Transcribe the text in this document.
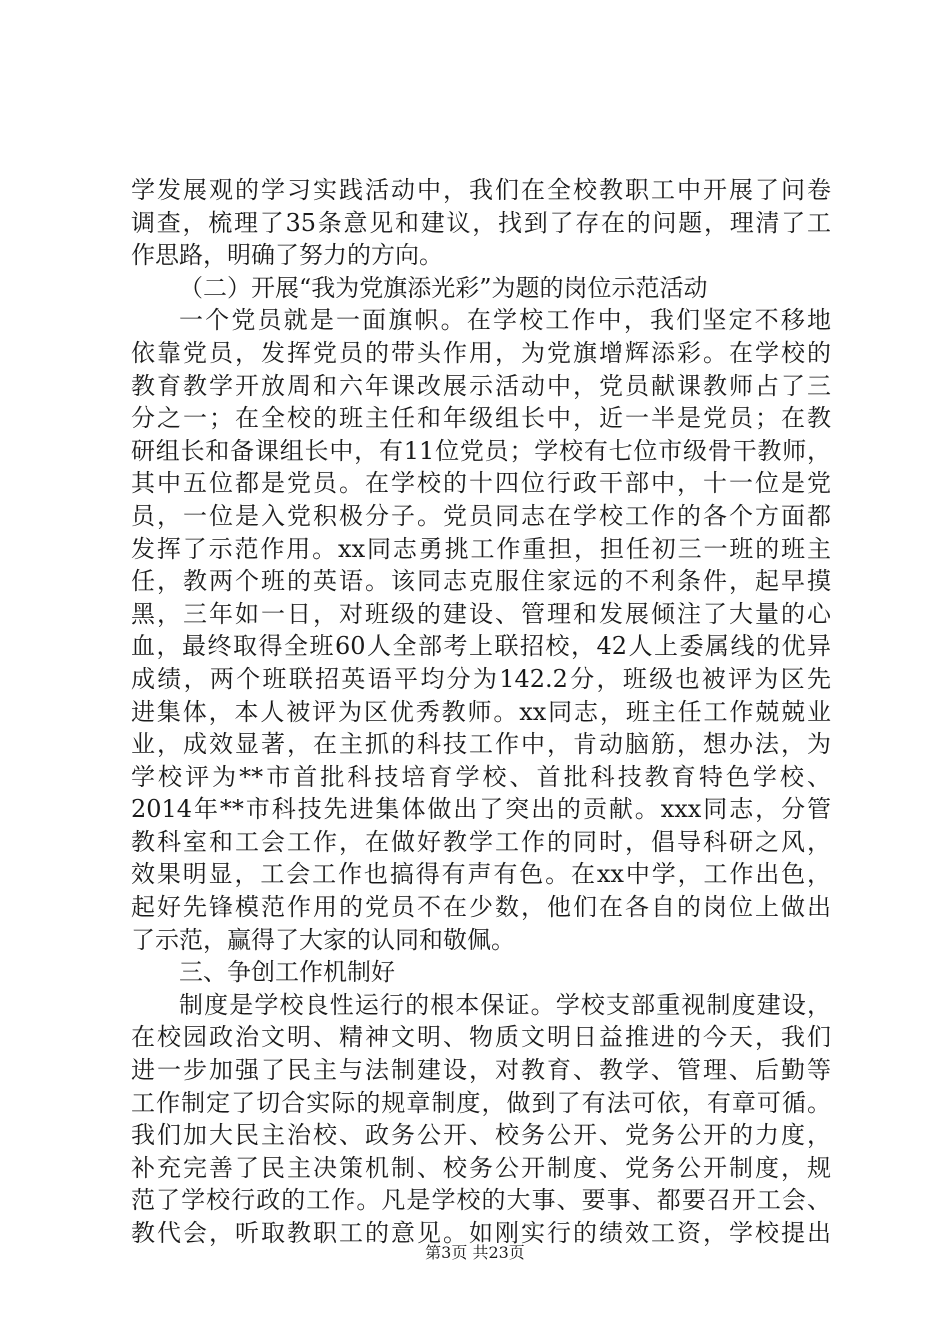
学发展观的学习实践活动中，我们在全校教职工中开展了问卷
调查，梳理了35条意见和建议，找到了存在的问题，理清了工
作思路，明确了努力的方向。
（二）开展“我为党旗添光彩”为题的岗位示范活动
一个党员就是一面旗帜。在学校工作中，我们坚定不移地
依靠党员，发挥党员的带头作用，为党旗增辉添彩。在学校的
教育教学开放周和六年课改展示活动中，党员献课教师占了三
分之一；在全校的班主任和年级组长中，近一半是党员；在教
研组长和备课组长中，有11位党员；学校有七位市级骨干教师，
其中五位都是党员。在学校的十四位行政干部中，十一位是党
员，一位是入党积极分子。党员同志在学校工作的各个方面都
发挥了示范作用。xx同志勇挑工作重担，担任初三一班的班主
任，教两个班的英语。该同志克服住家远的不利条件，起早摸
黑，三年如一日，对班级的建设、管理和发展倾注了大量的心
血，最终取得全班60人全部考上联招校，42人上委属线的优异
成绩，两个班联招英语平均分为142.2分，班级也被评为区先
进集体，本人被评为区优秀教师。xx同志，班主任工作兢兢业
业，成效显著，在主抓的科技工作中，肯动脑筋，想办法，为
学校评为**市首批科技培育学校、首批科技教育特色学校、
2014年**市科技先进集体做出了突出的贡献。xxx同志，分管
教科室和工会工作，在做好教学工作的同时，倡导科研之风，
效果明显，工会工作也搞得有声有色。在xx中学，工作出色，
起好先锋模范作用的党员不在少数，他们在各自的岗位上做出
了示范，赢得了大家的认同和敬佩。
三、争创工作机制好
制度是学校良性运行的根本保证。学校支部重视制度建设，
在校园政治文明、精神文明、物质文明日益推进的今天，我们
进一步加强了民主与法制建设，对教育、教学、管理、后勤等
工作制定了切合实际的规章制度，做到了有法可依，有章可循。
我们加大民主治校、政务公开、校务公开、党务公开的力度，
补充完善了民主决策机制、校务公开制度、党务公开制度，规
范了学校行政的工作。凡是学校的大事、要事、都要召开工会、
教代会，听取教职工的意见。如刚实行的绩效工资，学校提出
第3页 共23页
